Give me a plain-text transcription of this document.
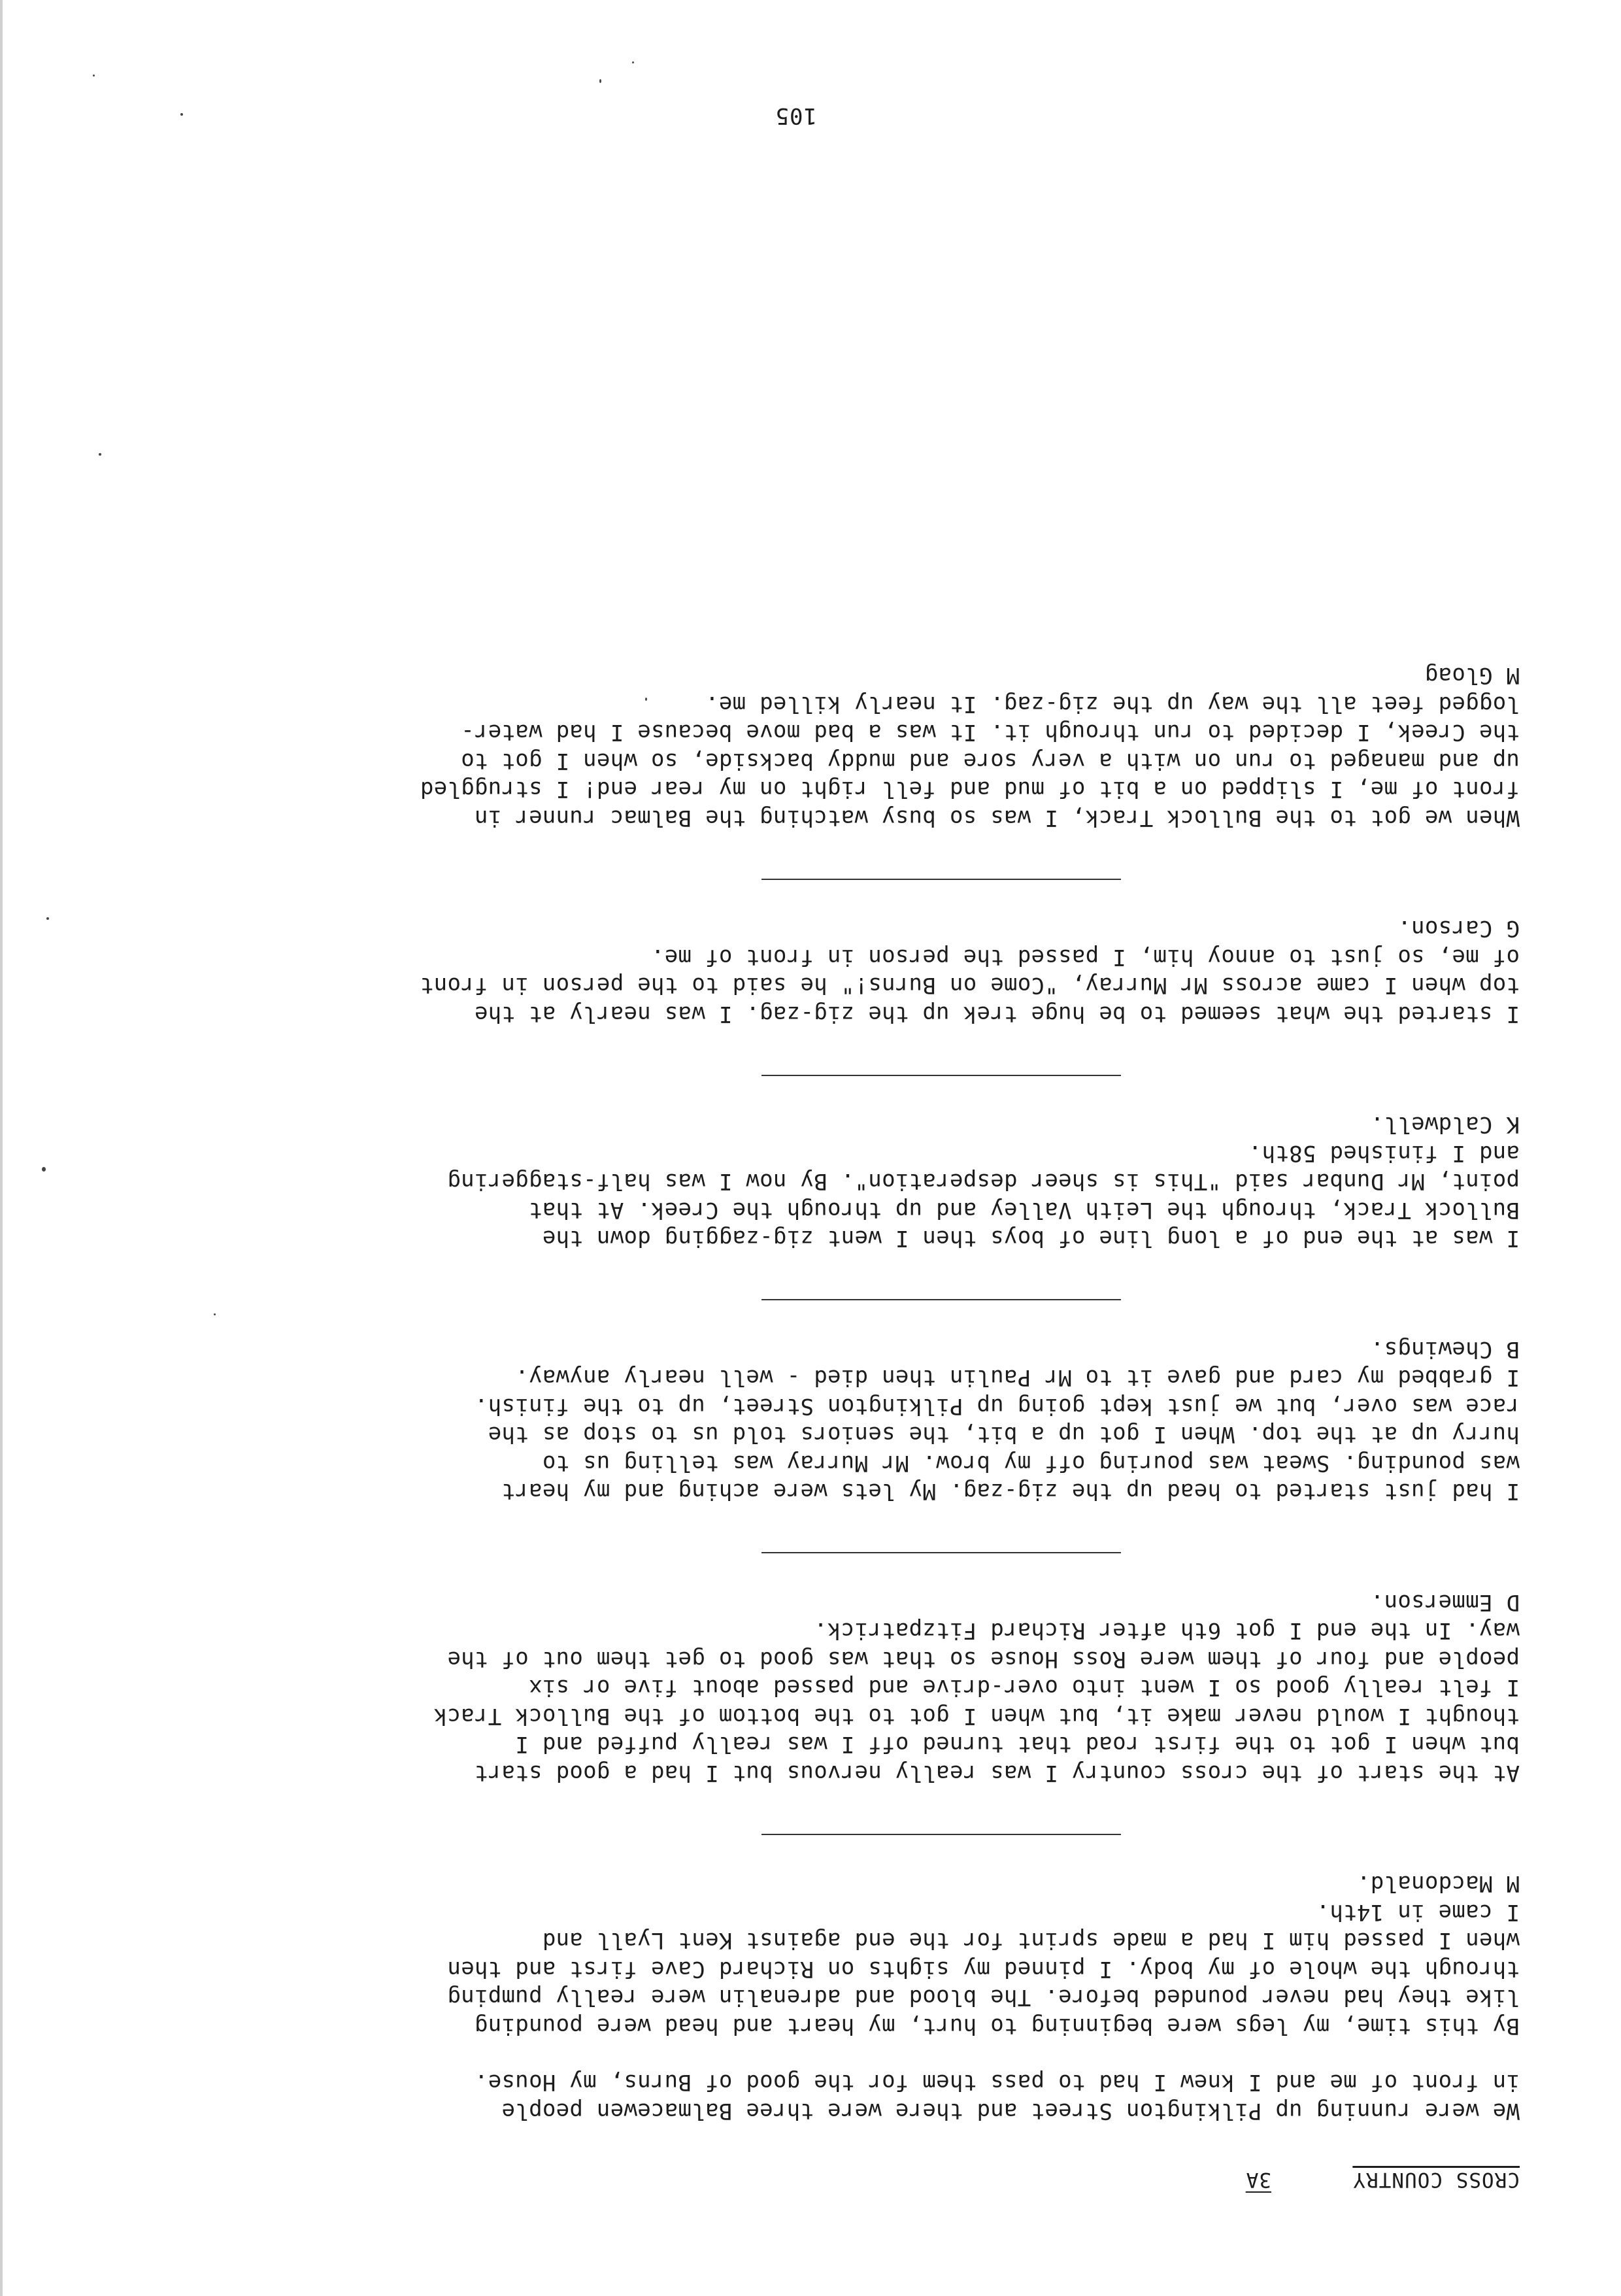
CROSS COUNTRY
3A

We were running up Pilkington Street and there were three Balmacewen people
in front of me and I knew I had to pass them for the good of Burns, my House.

By this time, my legs were beginning to hurt, my heart and head were pounding
like they had never pounded before. The blood and adrenalin were really pumping
through the whole of my body. I pinned my sights on Richard Cave first and then
when I passed him I had a made sprint for the end against Kent Lyall and
I came in 14th.

M Macdonald.

At the start of the cross country I was really nervous but I had a good start
but when I got to the first road that turned off I was really puffed and I
thought I would never make it, but when I got to the bottom of the Bullock Track
I felt really good so I went into over-drive and passed about five or six
people and four of them were Ross House so that was good to get them out of the
way. In the end I got 6th after Richard Fitzpatrick.

D Emmerson.

I had just started to head up the zig-zag. My lets were aching and my heart
was pounding. Sweat was pouring off my brow. Mr Murray was telling us to
hurry up at the top. When I got up a bit, the seniors told us to stop as the
race was over, but we just kept going up Pilkington Street, up to the finish.
I grabbed my card and gave it to Mr Paulin then died - well nearly anyway.

B Chewings.

I was at the end of a long line of boys then I went zig-zagging down the
Bullock Track, through the Leith Valley and up through the Creek. At that
point, Mr Dunbar said "This is sheer desperation". By now I was half-staggering
and I finished 58th.

K Caldwell.

I started the what seemed to be huge trek up the zig-zag. I was nearly at the
top when I came across Mr Murray, "Come on Burns!" he said to the person in front
of me, so just to annoy him, I passed the person in front of me.

G Carson.

When we got to the Bullock Track, I was so busy watching the Balmac runner in
front of me, I slipped on a bit of mud and fell right on my rear end! I struggled
up and managed to run on with a very sore and muddy backside, so when I got to
the Creek, I decided to run through it. It was a bad move because I had water-
logged feet all the way up the zig-zag. It nearly killed me.

M Gloag

105
